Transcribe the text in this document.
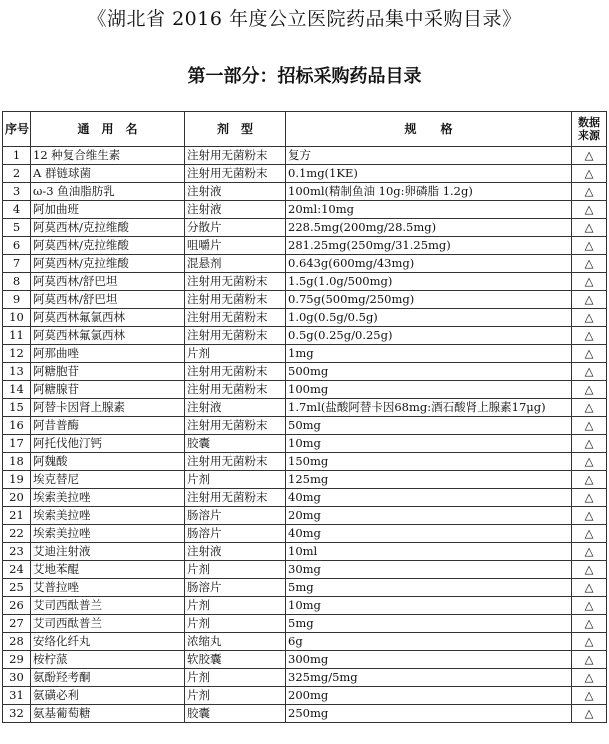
《湖北省 2016 年度公立医院药品集中采购目录》
第一部分：招标采购药品目录
序号	通　用　名	剂　型	规　　格	数据来源
1	12 种复合维生素	注射用无菌粉末	复方	△
2	A 群链球菌	注射用无菌粉末	0.1mg(1KE)	△
3	ω-3 鱼油脂肪乳	注射液	100ml(精制鱼油 10g:卵磷脂 1.2g)	△
4	阿加曲班	注射液	20ml:10mg	△
5	阿莫西林/克拉维酸	分散片	228.5mg(200mg/28.5mg)	△
6	阿莫西林/克拉维酸	咀嚼片	281.25mg(250mg/31.25mg)	△
7	阿莫西林/克拉维酸	混悬剂	0.643g(600mg/43mg)	△
8	阿莫西林/舒巴坦	注射用无菌粉末	1.5g(1.0g/500mg)	△
9	阿莫西林/舒巴坦	注射用无菌粉末	0.75g(500mg/250mg)	△
10	阿莫西林氟氯西林	注射用无菌粉末	1.0g(0.5g/0.5g)	△
11	阿莫西林氟氯西林	注射用无菌粉末	0.5g(0.25g/0.25g)	△
12	阿那曲唑	片剂	1mg	△
13	阿糖胞苷	注射用无菌粉末	500mg	△
14	阿糖腺苷	注射用无菌粉末	100mg	△
15	阿替卡因肾上腺素	注射液	1.7ml(盐酸阿替卡因68mg:酒石酸肾上腺素17μg)	△
16	阿昔普酶	注射用无菌粉末	50mg	△
17	阿托伐他汀钙	胶囊	10mg	△
18	阿魏酸	注射用无菌粉末	150mg	△
19	埃克替尼	片剂	125mg	△
20	埃索美拉唑	注射用无菌粉末	40mg	△
21	埃索美拉唑	肠溶片	20mg	△
22	埃索美拉唑	肠溶片	40mg	△
23	艾迪注射液	注射液	10ml	△
24	艾地苯醌	片剂	30mg	△
25	艾普拉唑	肠溶片	5mg	△
26	艾司西酞普兰	片剂	10mg	△
27	艾司西酞普兰	片剂	5mg	△
28	安络化纤丸	浓缩丸	6g	△
29	桉柠蒎	软胶囊	300mg	△
30	氨酚羟考酮	片剂	325mg/5mg	△
31	氨磺必利	片剂	200mg	△
32	氨基葡萄糖	胶囊	250mg	△
